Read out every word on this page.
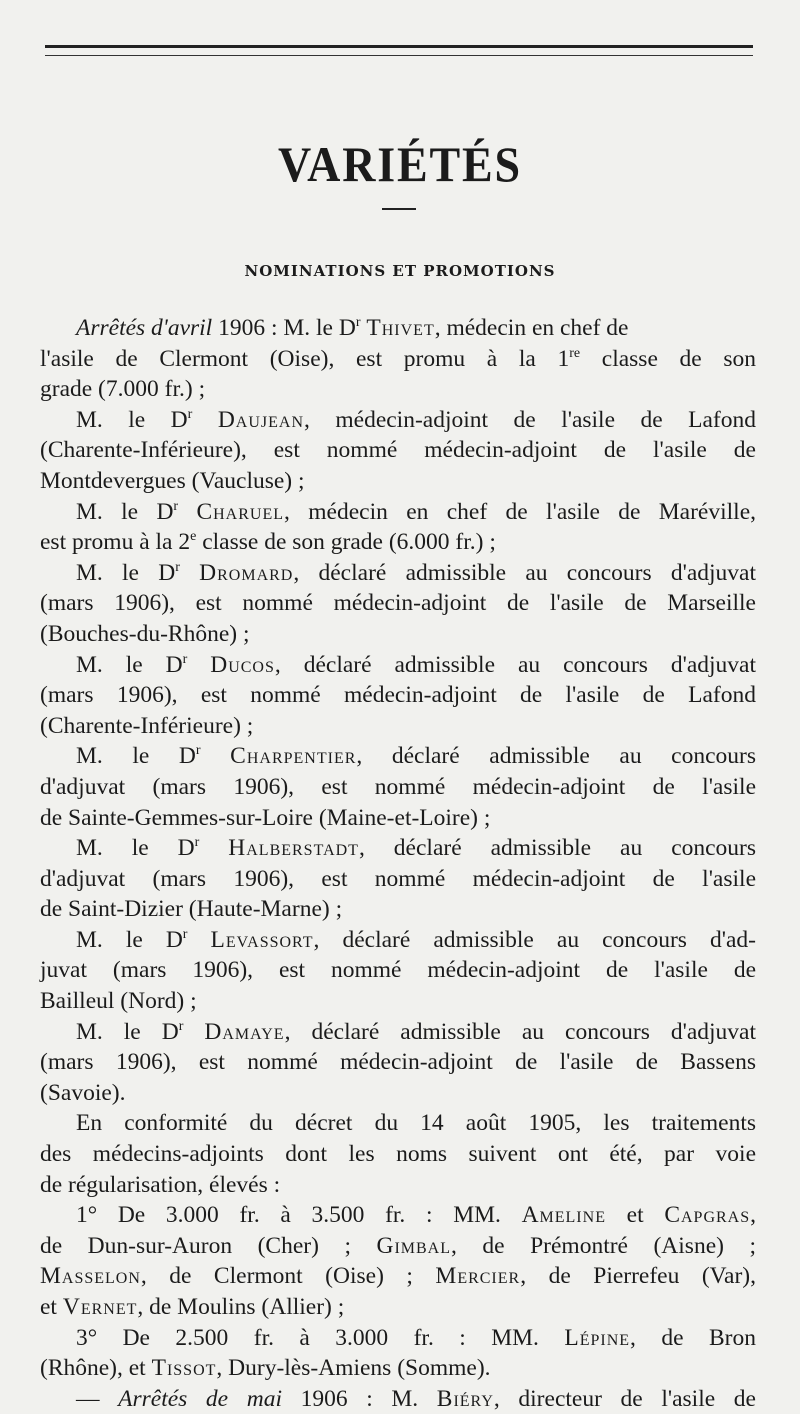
VARIÉTÉS
NOMINATIONS ET PROMOTIONS
Arrêtés d'avril 1906 : M. le $D^r$ Thivet, médecin en chef de
l'asile de Clermont (Oise), est promu à la 1re classe de son
grade (7.000 fr.) ;
M. le $D^r$ Daujean, médecin-adjoint de l'asile de Lafond
(Charente-Inférieure), est nommé médecin-adjoint de l'asile de
Montdevergues (Vaucluse) ;
M. le $D^r$ Charuel, médecin en chef de l'asile de Maréville,
est promu à la 2e classe de son grade (6.000 fr.) ;
M. le $D^r$ Dromard, déclaré admissible au concours d'adjuvat
(mars 1906), est nommé médecin-adjoint de l'asile de Marseille
(Bouches-du-Rhône) ;
M. le $D^r$ Ducos, déclaré admissible au concours d'adjuvat
(mars 1906), est nommé médecin-adjoint de l'asile de Lafond
(Charente-Inférieure) ;
M. le $D^r$ Charpentier, déclaré admissible au concours
d'adjuvat (mars 1906), est nommé médecin-adjoint de l'asile
de Sainte-Gemmes-sur-Loire (Maine-et-Loire) ;
M. le $D^r$ Halberstadt, déclaré admissible au concours
d'adjuvat (mars 1906), est nommé médecin-adjoint de l'asile
de Saint-Dizier (Haute-Marne) ;
M. le $D^r$ Levassort, déclaré admissible au concours d'ad-
juvat (mars 1906), est nommé médecin-adjoint de l'asile de
Bailleul (Nord) ;
M. le $D^r$ Damaye, déclaré admissible au concours d'adjuvat
(mars 1906), est nommé médecin-adjoint de l'asile de Bassens
(Savoie).
En conformité du décret du 14 août 1905, les traitements
des médecins-adjoints dont les noms suivent ont été, par voie
de régularisation, élevés :
1° De 3.000 fr. à 3.500 fr. : MM. Ameline et Capgras,
de Dun-sur-Auron (Cher) ; Gimbal, de Prémontré (Aisne) ;
Masselon, de Clermont (Oise) ; Mercier, de Pierrefeu (Var),
et Vernet, de Moulins (Allier) ;
3° De 2.500 fr. à 3.000 fr. : MM. Lépine, de Bron
(Rhône), et Tissot, Dury-lès-Amiens (Somme).
— Arrêtés de mai 1906 : M. Biéry, directeur de l'asile de
